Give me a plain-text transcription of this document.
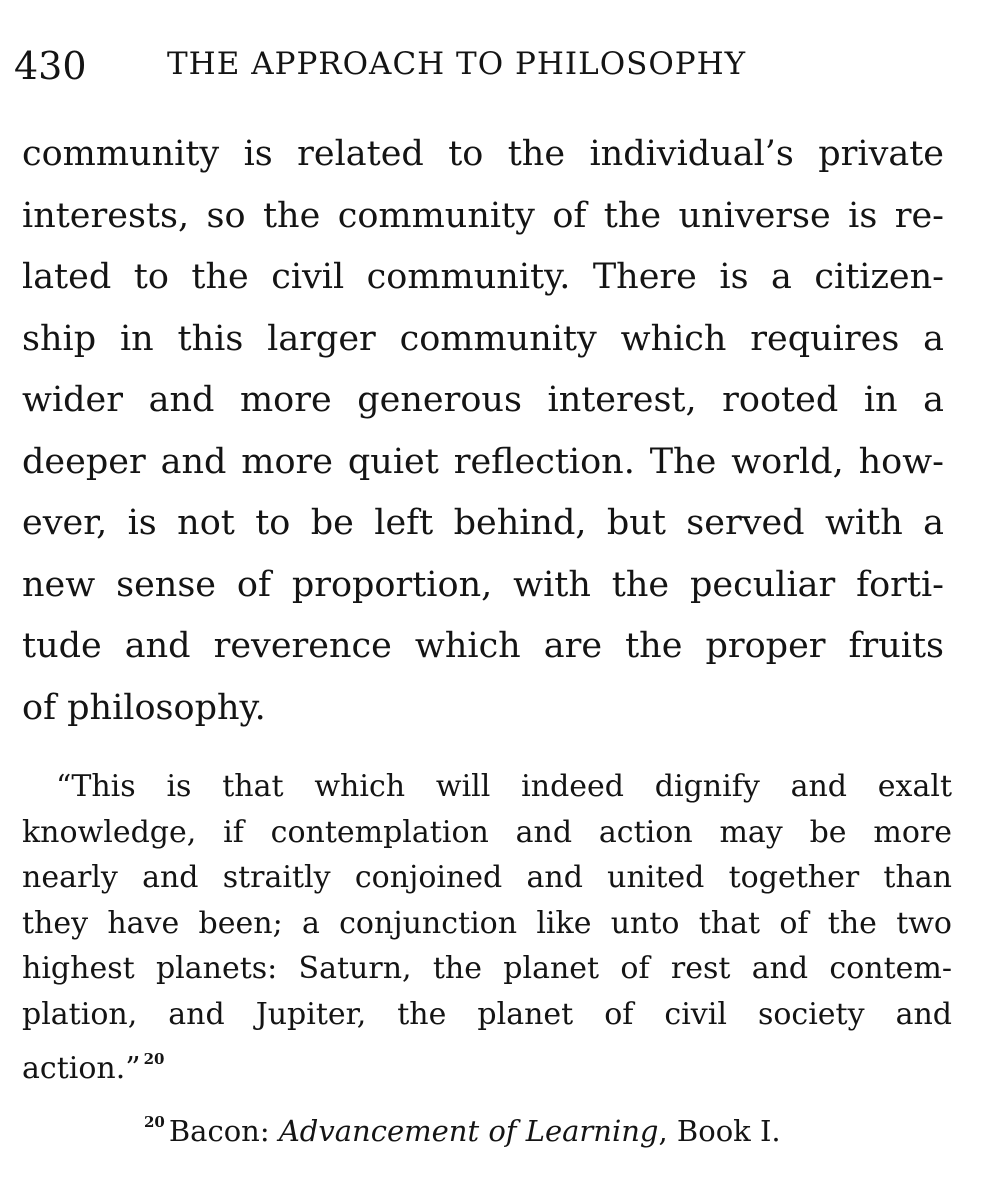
430	THE APPROACH TO PHILOSOPHY
community is related to the individual’s private
interests, so the community of the universe is re-
lated to the civil community. There is a citizen-
ship in this larger community which requires a
wider and more generous interest, rooted in a
deeper and more quiet reflection. The world, how-
ever, is not to be left behind, but served with a
new sense of proportion, with the peculiar forti-
tude and reverence which are the proper fruits
of philosophy.
“This is that which will indeed dignify and exalt
knowledge, if contemplation and action may be more
nearly and straitly conjoined and united together than
they have been; a conjunction like unto that of the two
highest planets: Saturn, the planet of rest and contem-
plation, and Jupiter, the planet of civil society and
action.” $^{20}$
$^{20}$ Bacon: Advancement of Learning, Book I.
